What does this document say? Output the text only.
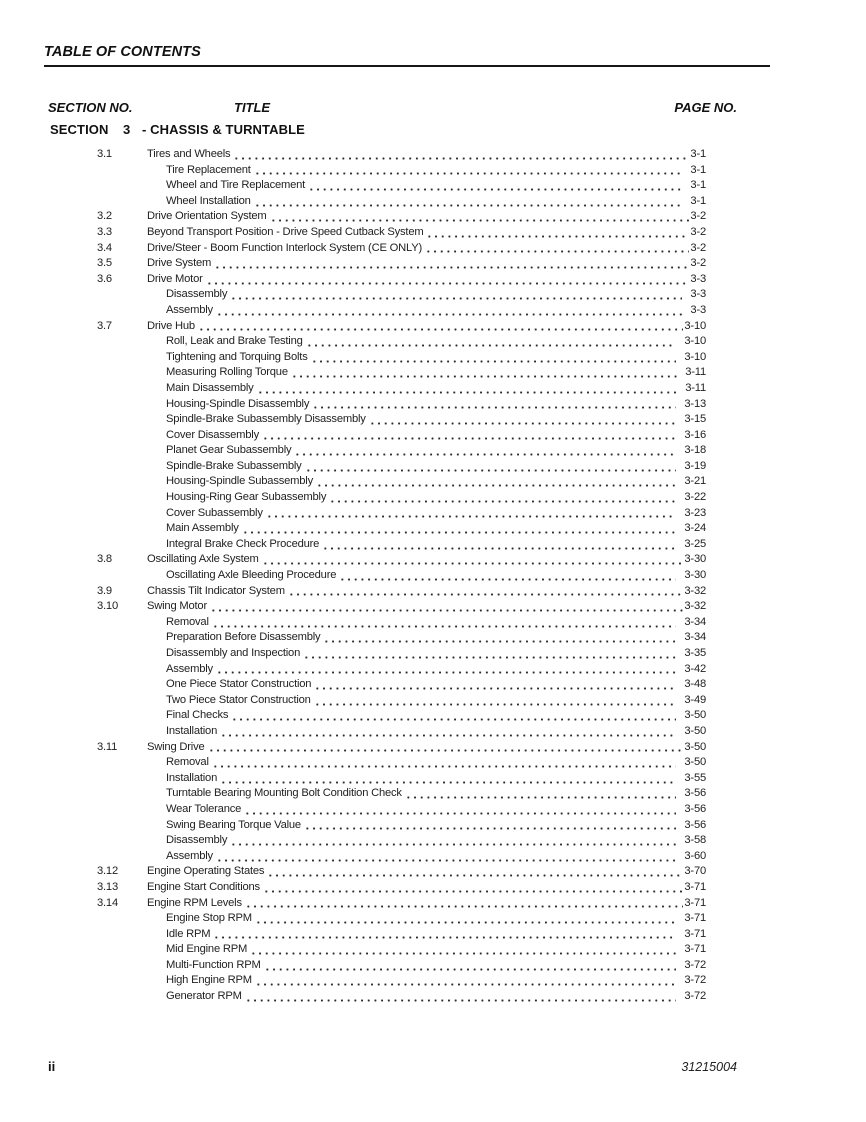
TABLE OF CONTENTS
SECTION NO.	TITLE	PAGE NO.
SECTION 3 - CHASSIS & TURNTABLE
3.1	Tires and Wheels	3-1
Tire Replacement	3-1
Wheel and Tire Replacement	3-1
Wheel Installation	3-1
3.2	Drive Orientation System	3-2
3.3	Beyond Transport Position - Drive Speed Cutback System	3-2
3.4	Drive/Steer - Boom Function Interlock System (CE ONLY)	3-2
3.5	Drive System	3-2
3.6	Drive Motor	3-3
Disassembly	3-3
Assembly	3-3
3.7	Drive Hub	3-10
Roll, Leak and Brake Testing	3-10
Tightening and Torquing Bolts	3-10
Measuring Rolling Torque	3-11
Main Disassembly	3-11
Housing-Spindle Disassembly	3-13
Spindle-Brake Subassembly Disassembly	3-15
Cover Disassembly	3-16
Planet Gear Subassembly	3-18
Spindle-Brake Subassembly	3-19
Housing-Spindle Subassembly	3-21
Housing-Ring Gear Subassembly	3-22
Cover Subassembly	3-23
Main Assembly	3-24
Integral Brake Check Procedure	3-25
3.8	Oscillating Axle System	3-30
Oscillating Axle Bleeding Procedure	3-30
3.9	Chassis Tilt Indicator System	3-32
3.10	Swing Motor	3-32
Removal	3-34
Preparation Before Disassembly	3-34
Disassembly and Inspection	3-35
Assembly	3-42
One Piece Stator Construction	3-48
Two Piece Stator Construction	3-49
Final Checks	3-50
Installation	3-50
3.11	Swing Drive	3-50
Removal	3-50
Installation	3-55
Turntable Bearing Mounting Bolt Condition Check	3-56
Wear Tolerance	3-56
Swing Bearing Torque Value	3-56
Disassembly	3-58
Assembly	3-60
3.12	Engine Operating States	3-70
3.13	Engine Start Conditions	3-71
3.14	Engine RPM Levels	3-71
Engine Stop RPM	3-71
Idle RPM	3-71
Mid Engine RPM	3-71
Multi-Function RPM	3-72
High Engine RPM	3-72
Generator RPM	3-72
ii	31215004
